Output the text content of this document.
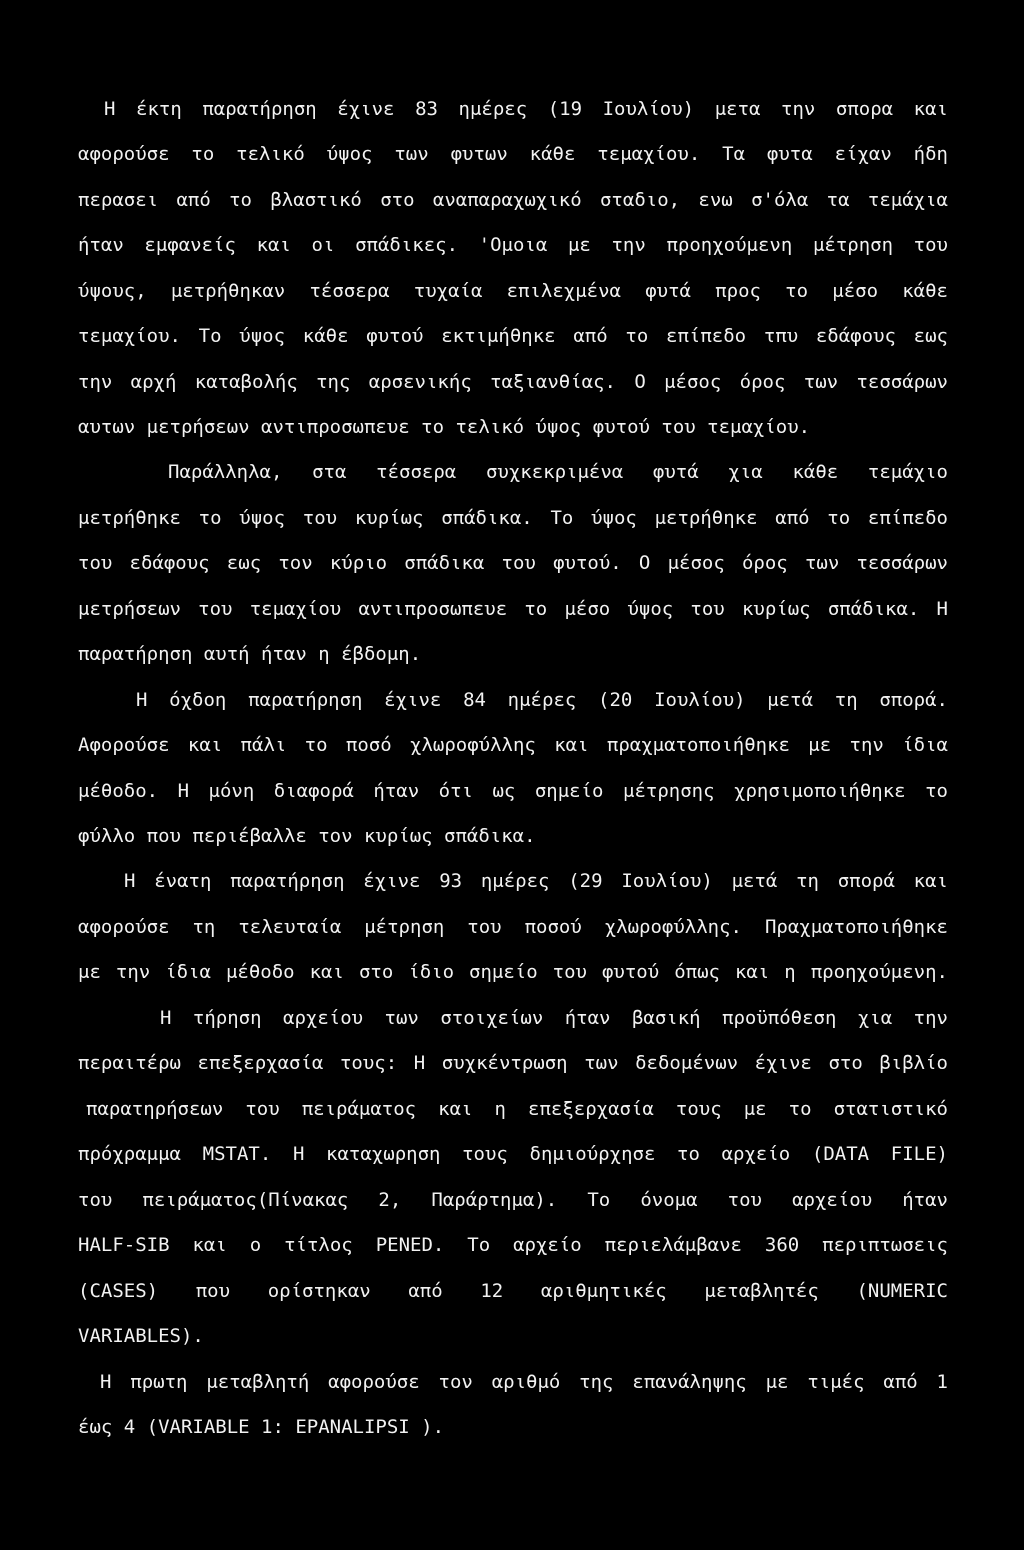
Η έκτη παρατήρηση έχινε 83 ημέρες (19 Ιουλίου) μετα την σπορα και
αφορούσε το τελικό ύψος των φυτων κάθε τεμαχίου. Τα φυτα είχαν ήδη
περασει από το βλαστικό στο αναπαραχωχικό σταδιο, ενω σ'όλα τα τεμάχια
ήταν εμφανείς και οι σπάδικες. 'Ομοια με την προηχούμενη μέτρηση του
ύψους, μετρήθηκαν τέσσερα τυχαία επιλεχμένα φυτά προς το μέσο κάθε
τεμαχίου. Το ύψος κάθε φυτού εκτιμήθηκε από το επίπεδο τπυ εδάφους εως
την αρχή καταβολής της αρσενικής ταξιανθίας. Ο μέσος όρος των τεσσάρων
αυτων μετρήσεων αντιπροσωπευε το τελικό ύψος φυτού του τεμαχίου.
Παράλληλα, στα τέσσερα συχκεκριμένα φυτά χια κάθε τεμάχιο
μετρήθηκε το ύψος του κυρίως σπάδικα. Το ύψος μετρήθηκε από το επίπεδο
του εδάφους εως τον κύριο σπάδικα του φυτού. Ο μέσος όρος των τεσσάρων
μετρήσεων του τεμαχίου αντιπροσωπευε το μέσο ύψος του κυρίως σπάδικα. Η
παρατήρηση αυτή ήταν η έβδομη.
Η όχδοη παρατήρηση έχινε 84 ημέρες (20 Ιουλίου) μετά τη σπορά.
Αφορούσε και πάλι το ποσό χλωροφύλλης και πραχματοποιήθηκε με την ίδια
μέθοδο. Η μόνη διαφορά ήταν ότι ως σημείο μέτρησης χρησιμοποιήθηκε το
φύλλο που περιέβαλλε τον κυρίως σπάδικα.
Η ένατη παρατήρηση έχινε 93 ημέρες (29 Ιουλίου) μετά τη σπορά και
αφορούσε τη τελευταία μέτρηση του ποσού χλωροφύλλης. Πραχματοποιήθηκε
με την ίδια μέθοδο και στο ίδιο σημείο του φυτού όπως και η προηχούμενη.
Η τήρηση αρχείου των στοιχείων ήταν βασική προϋπόθεση χια την
περαιτέρω επεξερχασία τους: Η συχκέντρωση των δεδομένων έχινε στο βιβλίο
παρατηρήσεων του πειράματος και η επεξερχασία τους με το στατιστικό
πρόχραμμα MSTAT. Η καταχωρηση τους δημιούρχησε το αρχείο (DATA FILE)
του πειράματος(Πίνακας 2, Παράρτημα). Το όνομα του αρχείου ήταν
HALF-SIB και ο τίτλος PENED. Το αρχείο περιελάμβανε 360 περιπτωσεις
(CASES) που ορίστηκαν από 12 αριθμητικές μεταβλητές (NUMERIC
VARIABLES).
Η πρωτη μεταβλητή αφορούσε τον αριθμό της επανάληψης με τιμές από 1
έως 4 (VARIABLE 1: EPANALIPSI ).
